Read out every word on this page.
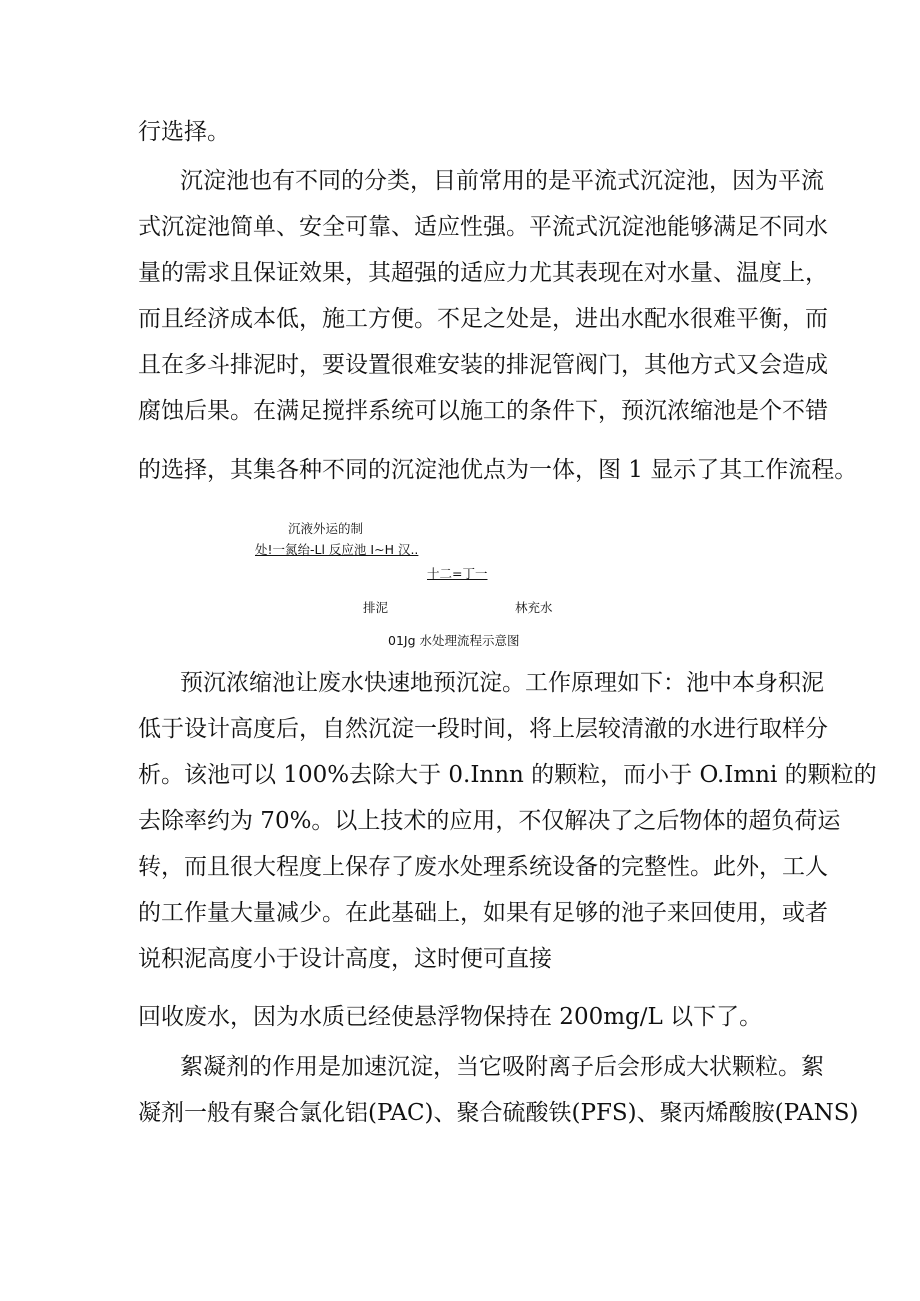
行选择。

沉淀池也有不同的分类，目前常用的是平流式沉淀池，因为平流

式沉淀池简单、安全可靠、适应性强。平流式沉淀池能够满足不同水

量的需求且保证效果，其超强的适应力尤其表现在对水量、温度上，

而且经济成本低，施工方便。不足之处是，进出水配水很难平衡，而

且在多斗排泥时，要设置很难安装的排泥管阀门，其他方式又会造成

腐蚀后果。在满足搅拌系统可以施工的条件下，预沉浓缩池是个不错

的选择，其集各种不同的沉淀池优点为一体，图 1 显示了其工作流程。

沉液外运的制
处!一氮绐-Ll 反应池 I~H 汉..
十二=丁一
排泥	林充水
01Jg 水处理流程示意图

预沉浓缩池让废水快速地预沉淀。工作原理如下：池中本身积泥

低于设计高度后，自然沉淀一段时间，将上层较清澈的水进行取样分

析。该池可以 100%去除大于 0.Innn 的颗粒，而小于 O.Imni 的颗粒的

去除率约为 70%。以上技术的应用，不仅解决了之后物体的超负荷运

转，而且很大程度上保存了废水处理系统设备的完整性。此外，工人

的工作量大量减少。在此基础上，如果有足够的池子来回使用，或者

说积泥高度小于设计高度，这时便可直接

回收废水，因为水质已经使悬浮物保持在 200mg∕L 以下了。

絮凝剂的作用是加速沉淀，当它吸附离子后会形成大状颗粒。絮

凝剂一般有聚合氯化铝(PAC)、聚合硫酸铁(PFS)、聚丙烯酸胺(PANS)
